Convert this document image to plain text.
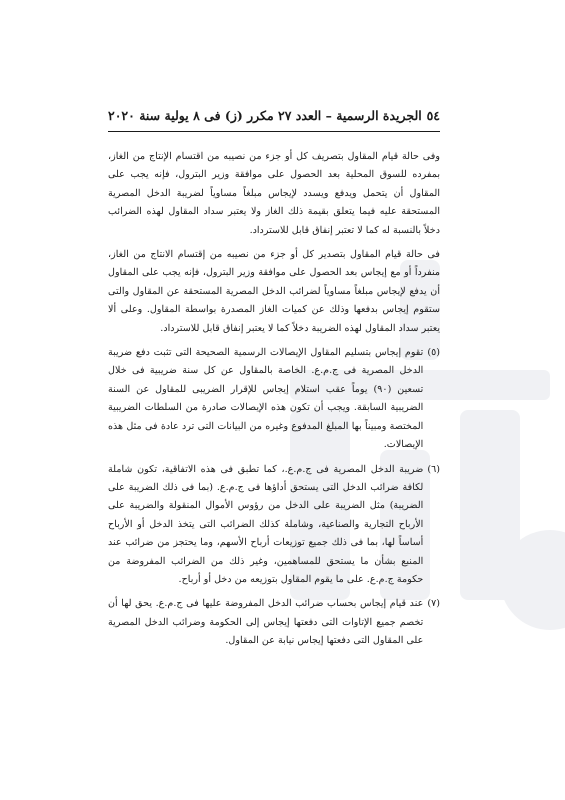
٥٤
الجريدة الرسمية – العدد ٢٧ مكرر (ز) فى ٨ يولية سنة ٢٠٢٠

وفى حالة قيام المقاول بتصريف كل أو جزء من نصيبه من اقتسام الإنتاج من الغاز، بمفرده للسوق المحلية بعد الحصول على موافقة وزير البترول، فإنه يجب على المقاول أن يتحمل ويدفع ويسدد لإيجاس مبلغاً مساوياً لضريبة الدخل المصرية المستحقة عليه فيما يتعلق بقيمة ذلك الغاز ولا يعتبر سداد المقاول لهذه الضرائب دخلاً بالنسبة له كما لا تعتبر إنفاق قابل للاسترداد.

فى حالة قيام المقاول بتصدير كل أو جزء من نصيبه من إقتسام الانتاج من الغاز، منفرداً أو مع إيجاس بعد الحصول على موافقة وزير البترول، فإنه يجب على المقاول أن يدفع لإيجاس مبلغاً مساوياً لضرائب الدخل المصرية المستحقة عن المقاول والتى ستقوم إيجاس بدفعها وذلك عن كميات الغاز المصدرة بواسطة المقاول. وعلى ألا يعتبر سداد المقاول لهذه الضريبة دخلاً كما لا يعتبر إنفاق قابل للاسترداد.

(٥)
تقوم إيجاس بتسليم المقاول الإيصالات الرسمية الصحيحة التى تثبت دفع ضريبة الدخل المصرية فى ج.م.ع. الخاصة بالمقاول عن كل سنة ضريبية فى خلال تسعين (٩٠) يوماً عقب استلام إيجاس للإقرار الضريبى للمقاول عن السنة الضريبية السابقة. ويجب أن تكون هذه الإيصالات صادرة من السلطات الضريبية المختصة ومبيناً بها المبلغ المدفوع وغيره من البيانات التى ترد عادة فى مثل هذه الإيصالات.
(٦)
ضريبة الدخل المصرية فى ج.م.ع.، كما تطبق فى هذه الاتفاقية، تكون شاملة لكافة ضرائب الدخل التى يستحق أداؤها فى ج.م.ع. (بما فى ذلك الضريبة على الضريبة) مثل الضريبة على الدخل من رؤوس الأموال المنقولة والضريبة على الأرباح التجارية والصناعية، وشاملة كذلك الضرائب التى يتخذ الدخل أو الأرباح أساساً لها، بما فى ذلك جميع توزيعات أرباح الأسهم، وما يحتجز من ضرائب عند المنبع بشأن ما يستحق للمساهمين، وغير ذلك من الضرائب المفروضة من حكومة ج.م.ع. على ما يقوم المقاول بتوزيعه من دخل أو أرباح.
(٧)
عند قيام إيجاس بحساب ضرائب الدخل المفروضة عليها فى ج.م.ع. يحق لها أن تخصم جميع الإتاوات التى دفعتها إيجاس إلى الحكومة وضرائب الدخل المصرية على المقاول التى دفعتها إيجاس نيابة عن المقاول.
